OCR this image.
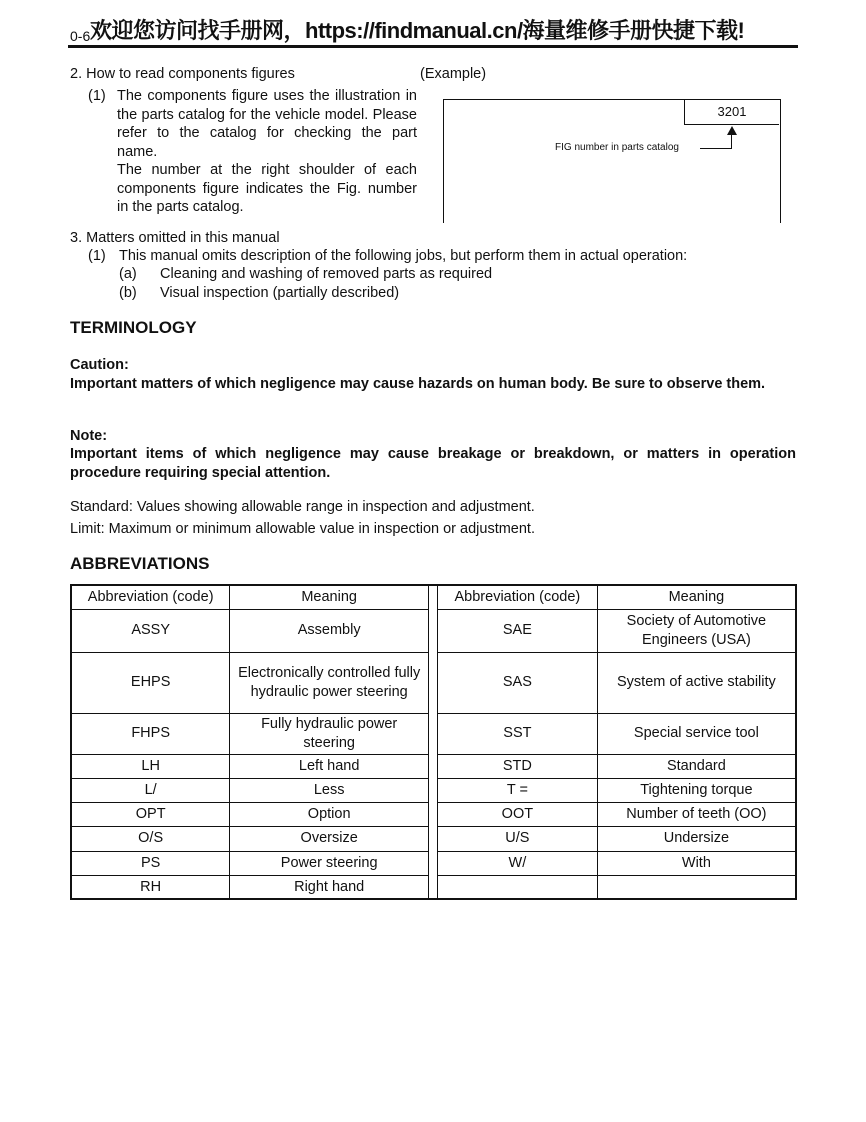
0-6 欢迎您访问找手册网，https://findmanual.cn/海量维修手册快捷下载!
2. How to read components figures	(Example)
(1) The components figure uses the illustration in the parts catalog for the vehicle model. Please refer to the catalog for checking the part name.
The number at the right shoulder of each components figure indicates the Fig. number in the parts catalog.
3201
FIG number in parts catalog
3. Matters omitted in this manual
(1) This manual omits description of the following jobs, but perform them in actual operation:
(a) Cleaning and washing of removed parts as required
(b) Visual inspection (partially described)
TERMINOLOGY
Caution:
Important matters of which negligence may cause hazards on human body. Be sure to observe them.
Note:
Important items of which negligence may cause breakage or breakdown, or matters in operation procedure requiring special attention.
Standard: Values showing allowable range in inspection and adjustment.
Limit: Maximum or minimum allowable value in inspection or adjustment.
ABBREVIATIONS
Abbreviation (code)	Meaning		Abbreviation (code)	Meaning
ASSY	Assembly		SAE	Society of Automotive Engineers (USA)
EHPS	Electronically controlled fully hydraulic power steering		SAS	System of active stability
FHPS	Fully hydraulic power steering		SST	Special service tool
LH	Left hand		STD	Standard
L/	Less		T =	Tightening torque
OPT	Option		OOT	Number of teeth (OO)
O/S	Oversize		U/S	Undersize
PS	Power steering		W/	With
RH	Right hand			
